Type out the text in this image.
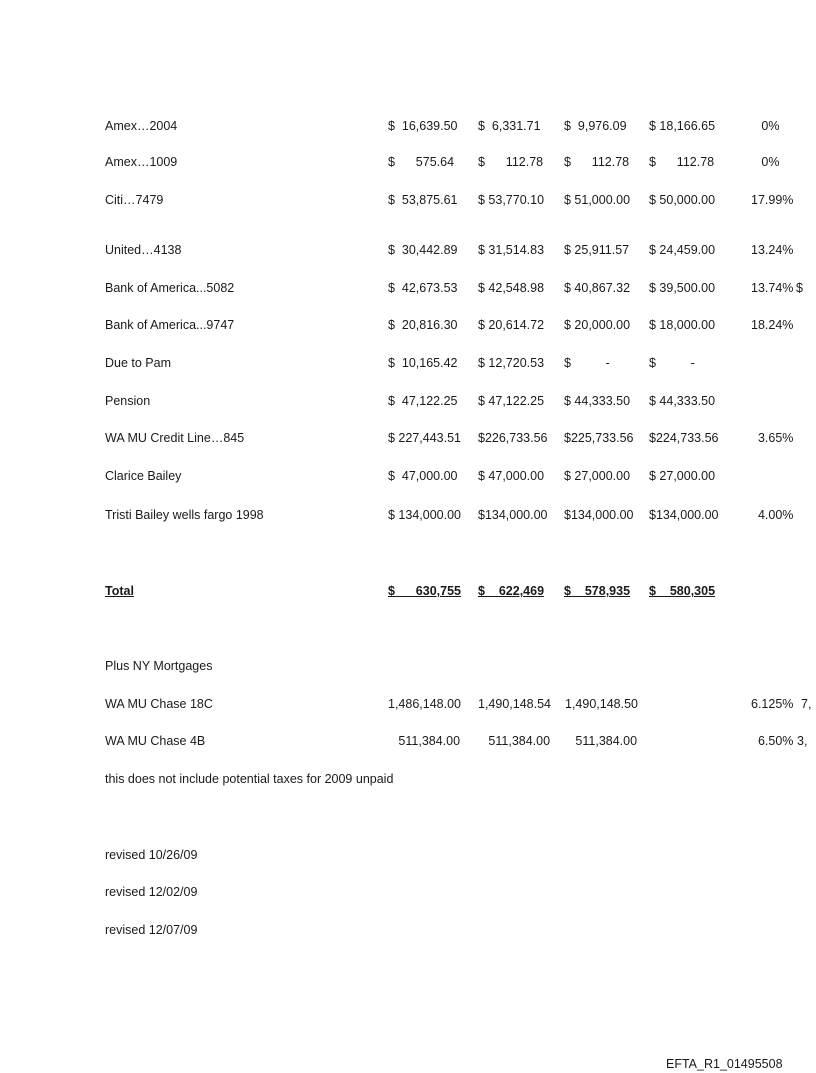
Amex…2004	$  16,639.50 $  6,331.71 $  9,976.09 $ 18,166.65	0%
Amex…1009	$      575.64 $      112.78 $      112.78 $      112.78	0%
Citi…7479	$  53,875.61 $ 53,770.10 $ 51,000.00 $ 50,000.00	17.99%
United…4138	$  30,442.89 $ 31,514.83 $ 25,911.57 $ 24,459.00	13.24%
Bank of America...5082	$  42,673.53 $ 42,548.98 $ 40,867.32 $ 39,500.00	13.74% $
Bank of America...9747	$  20,816.30 $ 20,614.72 $ 20,000.00 $ 18,000.00	18.24%
Due to Pam	$  10,165.42 $ 12,720.53 $          -	$          -
Pension	$  47,122.25 $ 47,122.25 $ 44,333.50 $ 44,333.50
WA MU Credit Line…845	$ 227,443.51 $226,733.56 $225,733.56 $224,733.56	3.65%
Clarice Bailey	$  47,000.00 $ 47,000.00 $ 27,000.00 $ 27,000.00
Tristi Bailey wells fargo 1998	$ 134,000.00 $134,000.00 $134,000.00 $134,000.00	4.00%
Total	$      630,755 $    622,469 $    578,935 $    580,305
Plus NY Mortgages
WA MU Chase 18C	1,486,148.00 1,490,148.54 1,490,148.50	6.125% 7,
WA MU Chase 4B	511,384.00 511,384.00 511,384.00	6.50% 3,
this does not include potential taxes for 2009 unpaid
revised 10/26/09
revised 12/02/09
revised 12/07/09
EFTA_R1_01495508
